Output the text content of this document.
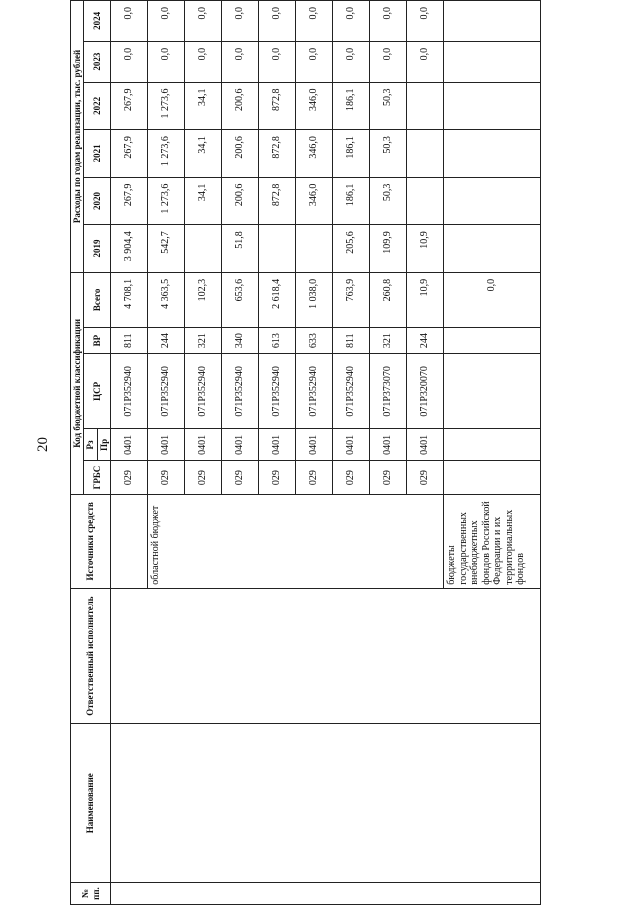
20
№ пп.	Наименование	Ответственный исполнитель	Источники средств	Код бюджетной классификации					Расходы по годам реализации, тыс. рублей					
				ГРБС	Рз	ЦСР	ВР	Всего	2019	2020	2021	2022	2023	2024
					Пр									
				029	0401	071P352940	811	4 708,1	3 904,4	267,9	267,9	267,9	0,0	0,0
			областной бюджет	029	0401	071P352940	244	4 363,5	542,7	1 273,6	1 273,6	1 273,6	0,0	0,0
				029	0401	071P352940	321	102,3		34,1	34,1	34,1	0,0	0,0
				029	0401	071P352940	340	653,6	51,8	200,6	200,6	200,6	0,0	0,0
				029	0401	071P352940	613	2 618,4		872,8	872,8	872,8	0,0	0,0
				029	0401	071P352940	633	1 038,0		346,0	346,0	346,0	0,0	0,0
				029	0401	071P352940	811	763,9	205,6	186,1	186,1	186,1	0,0	0,0
				029	0401	071P373070	321	260,8	109,9	50,3	50,3	50,3	0,0	0,0
				029	0401	071P320070	244	10,9	10,9				0,0	0,0
			бюджеты государственных внебюджетных фондов Российской Федерации и их территориальных фондов					0,0						
